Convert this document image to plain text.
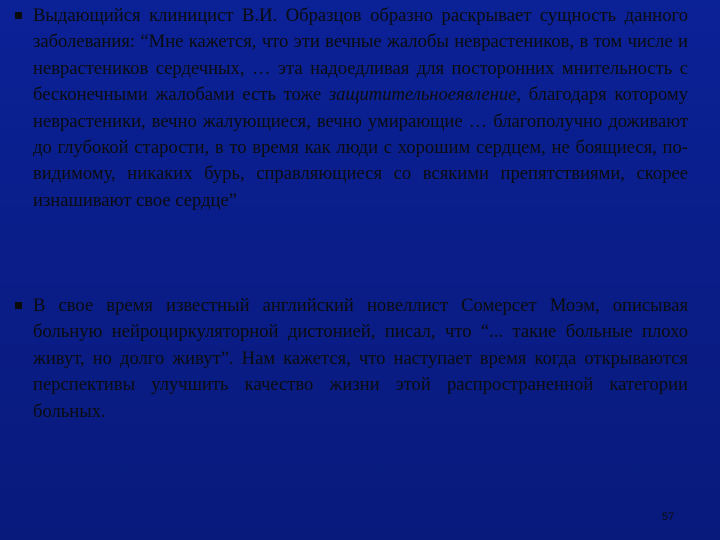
Выдающийся клиницист В.И. Образцов образно раскрывает сущность данного заболевания: “Мне кажется, что эти вечные жалобы неврастеников, в том числе и неврастеников сердечных, … эта надоедливая для посторонних мнительность с бесконечными жалобами есть тоже защитительноеявление, благодаря которому неврастеники, вечно жалующиеся, вечно умирающие … благополучно доживают до глубокой старости, в то время как люди с хорошим сердцем, не боящиеся, по-видимому, никаких бурь, справляющиеся со всякими препятствиями, скорее изнашивают свое сердце”

В свое время известный английский новеллист Сомерсет Моэм, описывая больную нейроциркуляторной дистонией, писал, что “... такие больные плохо живут, но долго живут”. Нам кажется, что наступает время когда открываются перспективы улучшить качество жизни этой распространенной категории больных.

57
